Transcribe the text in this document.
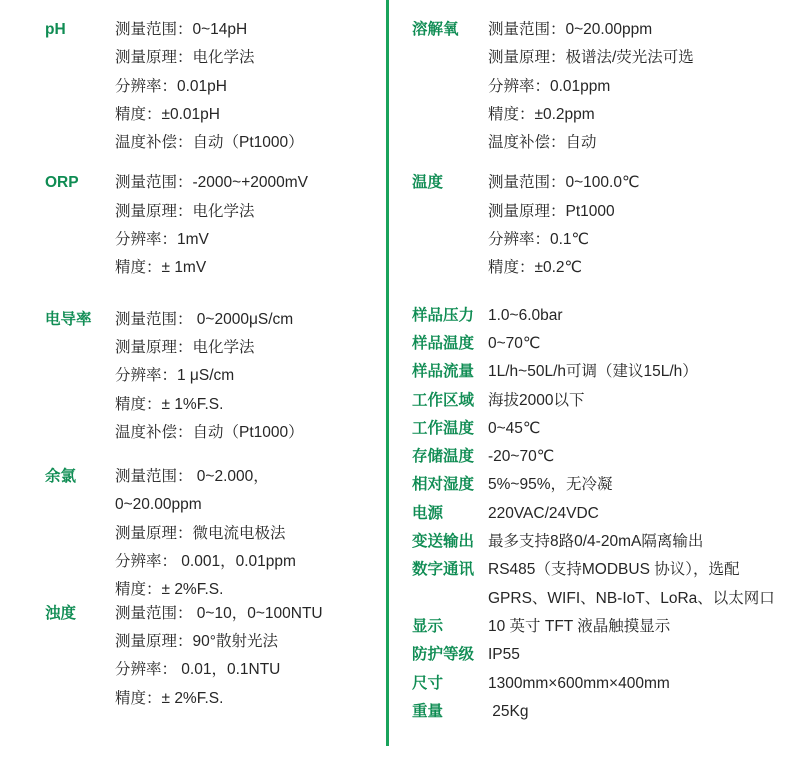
pH	测量范围：0~14pH
测量原理：电化学法
分辨率：0.01pH
精度：±0.01pH
温度补偿：自动（Pt1000）
ORP 测量范围：-2000~+2000mV
测量原理：电化学法
分辨率：1mV
精度：± 1mV
电导率 测量范围： 0~2000μS/cm
测量原理：电化学法
分辨率：1 μS/cm
精度：± 1%F.S.
温度补偿：自动（Pt1000）
余氯	测量范围： 0~2.000，
0~20.00ppm
测量原理：微电流电极法
分辨率： 0.001，0.01ppm
精度：± 2%F.S.
浊度	测量范围： 0~10，0~100NTU
测量原理：90°散射光法
分辨率： 0.01，0.1NTU
精度：± 2%F.S.
溶解氧 测量范围：0~20.00ppm
测量原理：极谱法/荧光法可选
分辨率：0.01ppm
精度：±0.2ppm
温度补偿：自动
温度	测量范围：0~100.0℃
测量原理：Pt1000
分辨率：0.1℃
精度：±0.2℃
样品压力 1.0~6.0bar
样品温度 0~70℃
样品流量 1L/h~50L/h可调（建议15L/h）
工作区域 海拔2000以下
工作温度 0~45℃
存储温度 -20~70℃
相对湿度 5%~95%，无冷凝
电源	220VAC/24VDC
变送输出 最多支持8路0/4-20mA隔离输出
数字通讯 RS485（支持MODBUS 协议），选配
GPRS、WIFI、NB-IoT、LoRa、以太网口
显示	10 英寸 TFT 液晶触摸显示
防护等级 IP55
尺寸	1300mm×600mm×400mm
重量	25Kg
